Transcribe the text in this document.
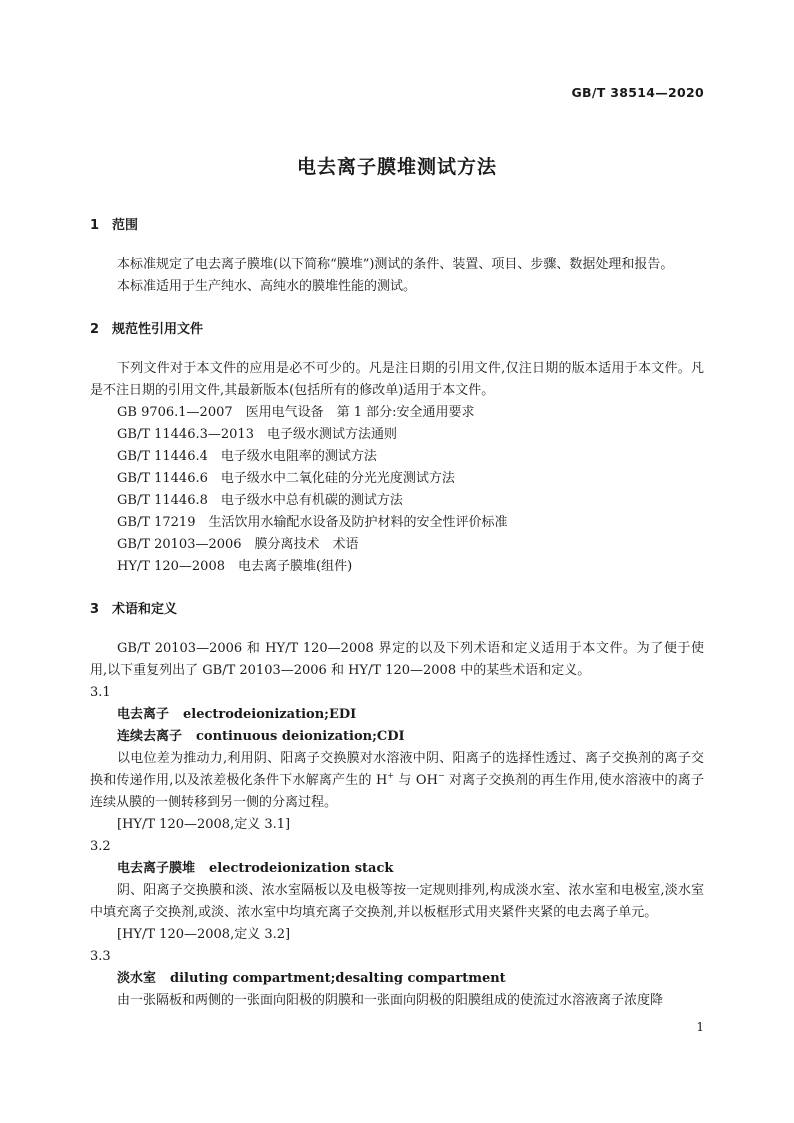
GB/T 38514—2020
电去离子膜堆测试方法
1 范围
本标准规定了电去离子膜堆(以下简称“膜堆”)测试的条件、装置、项目、步骤、数据处理和报告。
本标准适用于生产纯水、高纯水的膜堆性能的测试。
2 规范性引用文件
下列文件对于本文件的应用是必不可少的。凡是注日期的引用文件,仅注日期的版本适用于本文件。凡是不注日期的引用文件,其最新版本(包括所有的修改单)适用于本文件。
GB 9706.1—2007　医用电气设备　第 1 部分:安全通用要求
GB/T 11446.3—2013　电子级水测试方法通则
GB/T 11446.4　电子级水电阻率的测试方法
GB/T 11446.6　电子级水中二氧化硅的分光光度测试方法
GB/T 11446.8　电子级水中总有机碳的测试方法
GB/T 17219　生活饮用水输配水设备及防护材料的安全性评价标准
GB/T 20103—2006　膜分离技术　术语
HY/T 120—2008　电去离子膜堆(组件)
3 术语和定义
GB/T 20103—2006 和 HY/T 120—2008 界定的以及下列术语和定义适用于本文件。为了便于使用,以下重复列出了 GB/T 20103—2006 和 HY/T 120—2008 中的某些术语和定义。
3.1
电去离子 electrodeionization;EDI
连续去离子 continuous deionization;CDI
以电位差为推动力,利用阴、阳离子交换膜对水溶液中阴、阳离子的选择性透过、离子交换剂的离子交换和传递作用,以及浓差极化条件下水解离产生的 H+ 与 OH− 对离子交换剂的再生作用,使水溶液中的离子连续从膜的一侧转移到另一侧的分离过程。
[HY/T 120—2008,定义 3.1]
3.2
电去离子膜堆 electrodeionization stack
阴、阳离子交换膜和淡、浓水室隔板以及电极等按一定规则排列,构成淡水室、浓水室和电极室,淡水室中填充离子交换剂,或淡、浓水室中均填充离子交换剂,并以板框形式用夹紧件夹紧的电去离子单元。
[HY/T 120—2008,定义 3.2]
3.3
淡水室 diluting compartment;desalting compartment
由一张隔板和两侧的一张面向阳极的阴膜和一张面向阴极的阳膜组成的使流过水溶液离子浓度降
1
